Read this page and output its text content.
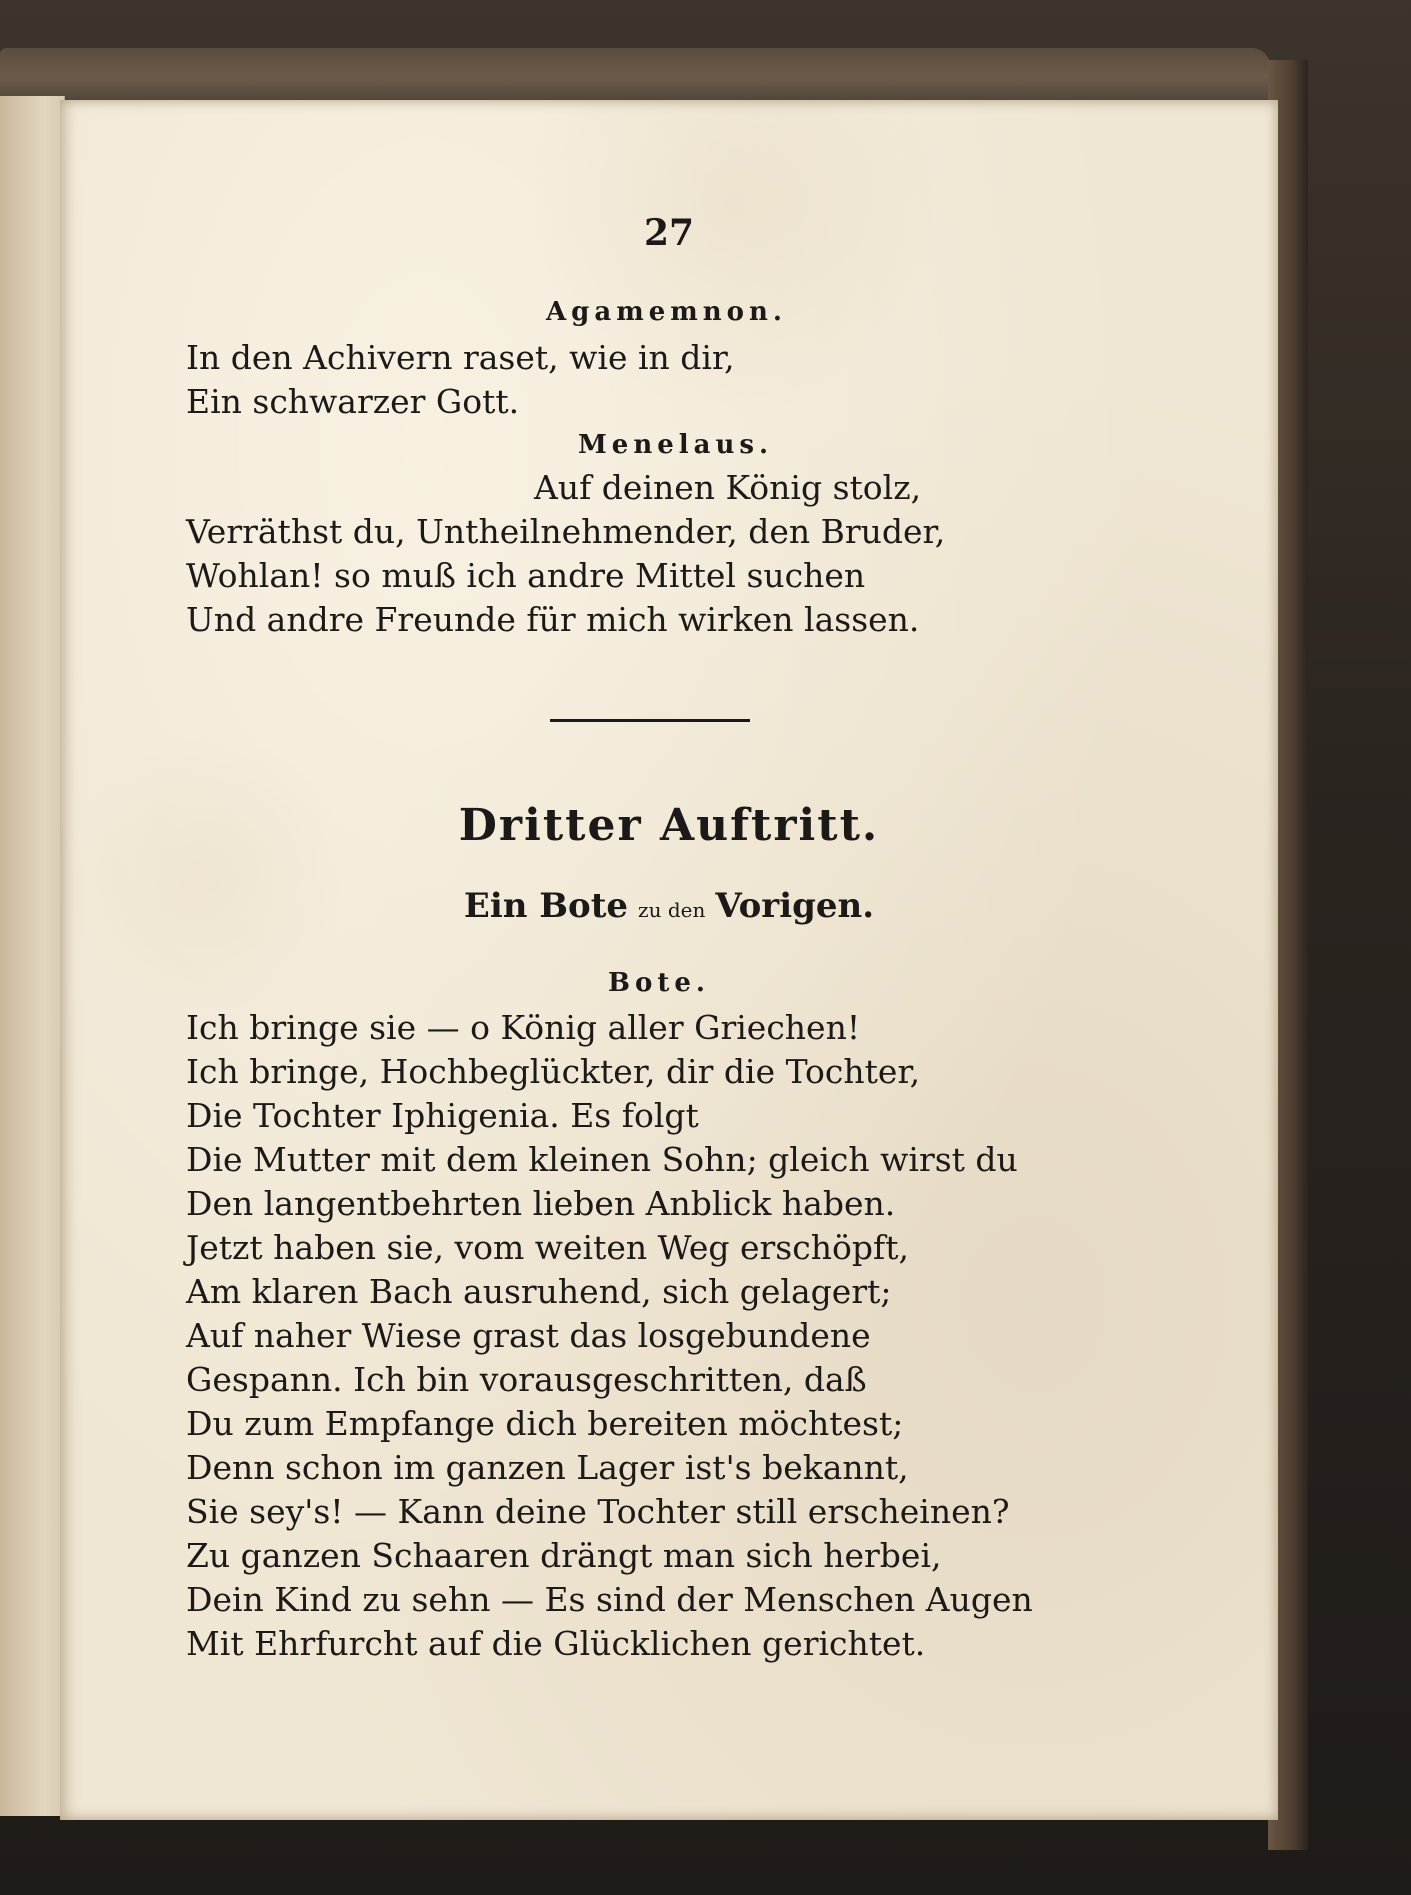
27
Agamemnon.
In den Achivern raset, wie in dir,
Ein schwarzer Gott.
Menelaus.
Auf deinen König stolz,
Verräthst du, Untheilnehmender, den Bruder,
Wohlan! so muß ich andre Mittel suchen
Und andre Freunde für mich wirken lassen.
Dritter Auftritt.
Ein Bote zu den Vorigen.
Bote.
Ich bringe sie — o König aller Griechen!
Ich bringe, Hochbeglückter, dir die Tochter,
Die Tochter Iphigenia. Es folgt
Die Mutter mit dem kleinen Sohn; gleich wirst du
Den langentbehrten lieben Anblick haben.
Jetzt haben sie, vom weiten Weg erschöpft,
Am klaren Bach ausruhend, sich gelagert;
Auf naher Wiese grast das losgebundene
Gespann. Ich bin vorausgeschritten, daß
Du zum Empfange dich bereiten möchtest;
Denn schon im ganzen Lager ist's bekannt,
Sie sey's! — Kann deine Tochter still erscheinen?
Zu ganzen Schaaren drängt man sich herbei,
Dein Kind zu sehn — Es sind der Menschen Augen
Mit Ehrfurcht auf die Glücklichen gerichtet.
